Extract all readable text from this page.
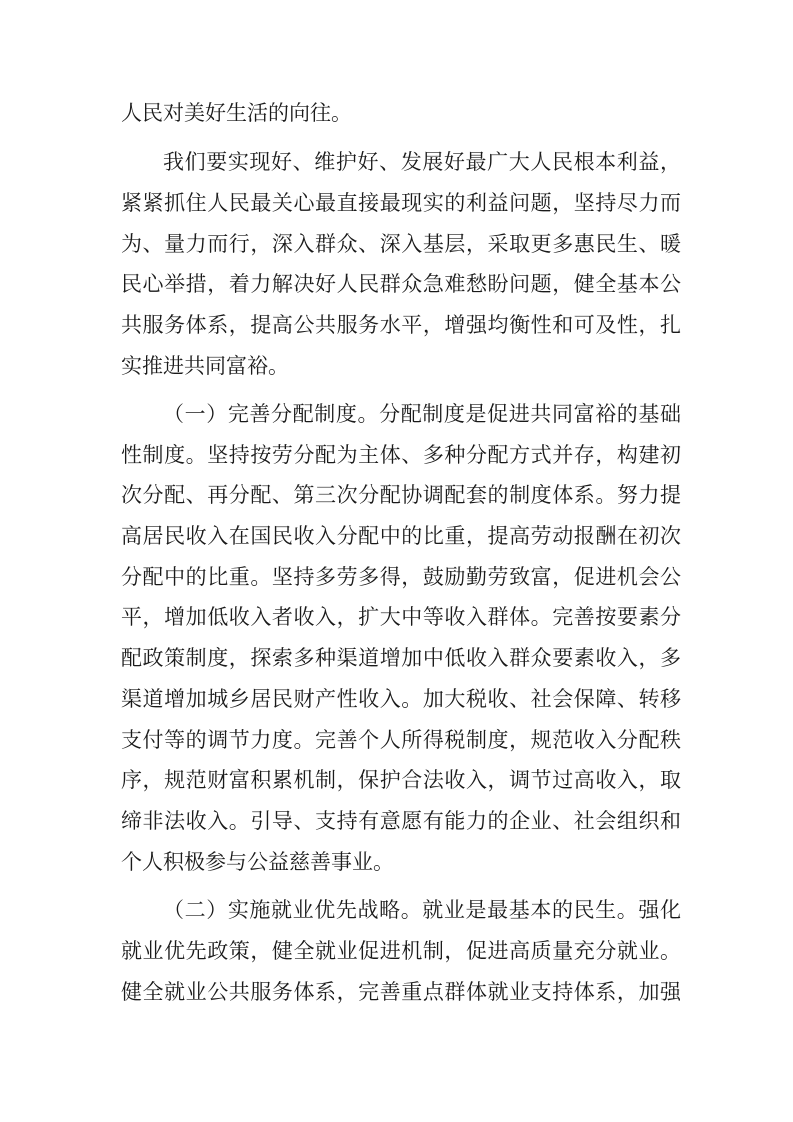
人民对美好生活的向往。
我们要实现好、维护好、发展好最广大人民根本利益，
紧紧抓住人民最关心最直接最现实的利益问题，坚持尽力而
为、量力而行，深入群众、深入基层，采取更多惠民生、暖
民心举措，着力解决好人民群众急难愁盼问题，健全基本公
共服务体系，提高公共服务水平，增强均衡性和可及性，扎
实推进共同富裕。
（一）完善分配制度。分配制度是促进共同富裕的基础
性制度。坚持按劳分配为主体、多种分配方式并存，构建初
次分配、再分配、第三次分配协调配套的制度体系。努力提
高居民收入在国民收入分配中的比重，提高劳动报酬在初次
分配中的比重。坚持多劳多得，鼓励勤劳致富，促进机会公
平，增加低收入者收入，扩大中等收入群体。完善按要素分
配政策制度，探索多种渠道增加中低收入群众要素收入，多
渠道增加城乡居民财产性收入。加大税收、社会保障、转移
支付等的调节力度。完善个人所得税制度，规范收入分配秩
序，规范财富积累机制，保护合法收入，调节过高收入，取
缔非法收入。引导、支持有意愿有能力的企业、社会组织和
个人积极参与公益慈善事业。
（二）实施就业优先战略。就业是最基本的民生。强化
就业优先政策，健全就业促进机制，促进高质量充分就业。
健全就业公共服务体系，完善重点群体就业支持体系，加强
